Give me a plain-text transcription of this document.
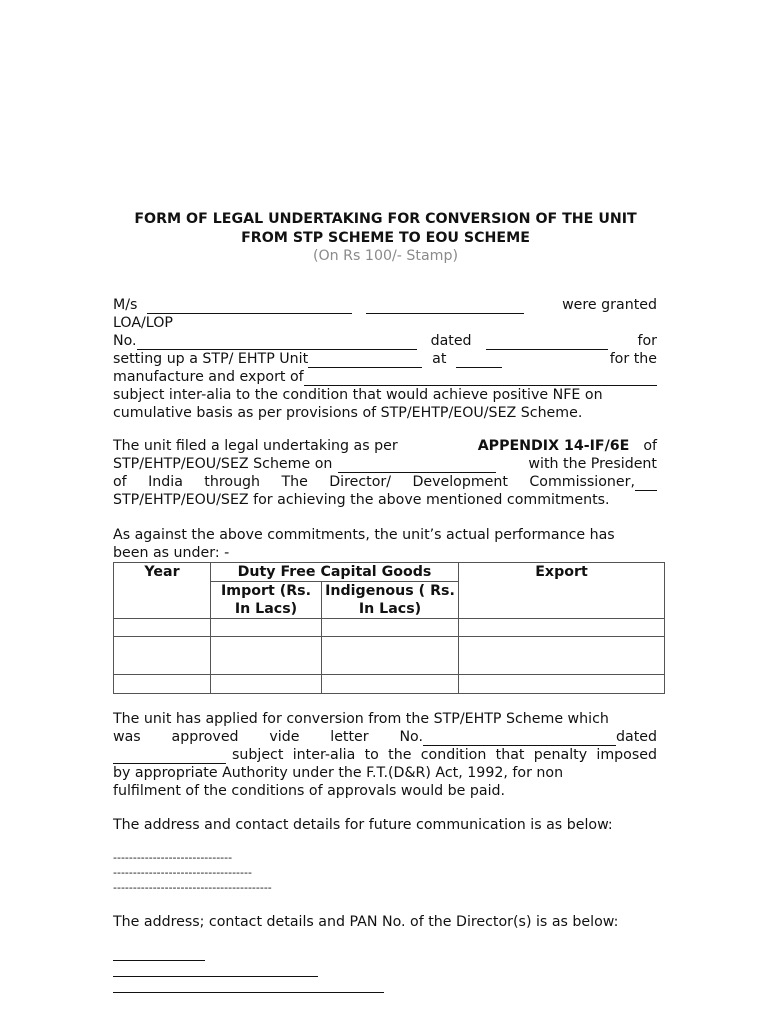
FORM OF LEGAL UNDERTAKING FOR CONVERSION OF THE UNIT
FROM STP SCHEME TO EOU SCHEME
(On Rs 100/- Stamp)
M/s	were granted
LOA/LOP
No.	dated	for
setting up a STP/ EHTP Unit	at	for the
manufacture and export of
subject inter-alia to the condition that would achieve positive NFE on
cumulative basis as per provisions of STP/EHTP/EOU/SEZ Scheme.
The unit filed a legal undertaking as per	APPENDIX 14-IF/6E of
STP/EHTP/EOU/SEZ Scheme on	with the President
of India through The Director/ Development Commissioner,
STP/EHTP/EOU/SEZ for achieving the above mentioned commitments.
As against the above commitments, the unit’s actual performance has
been as under: -
Year	Duty Free Capital Goods		Export
	Import (Rs. In Lacs)	Indigenous ( Rs. In Lacs)	

The unit has applied for conversion from the STP/EHTP Scheme which
was approved vide letter No.	dated
subject inter-alia to the condition that penalty imposed
by appropriate Authority under the F.T.(D&R) Act, 1992, for non
fulfilment of the conditions of approvals would be paid.
The address and contact details for future communication is as below:
------------------------------
-----------------------------------
----------------------------------------
The address; contact details and PAN No. of the Director(s) is as below:
